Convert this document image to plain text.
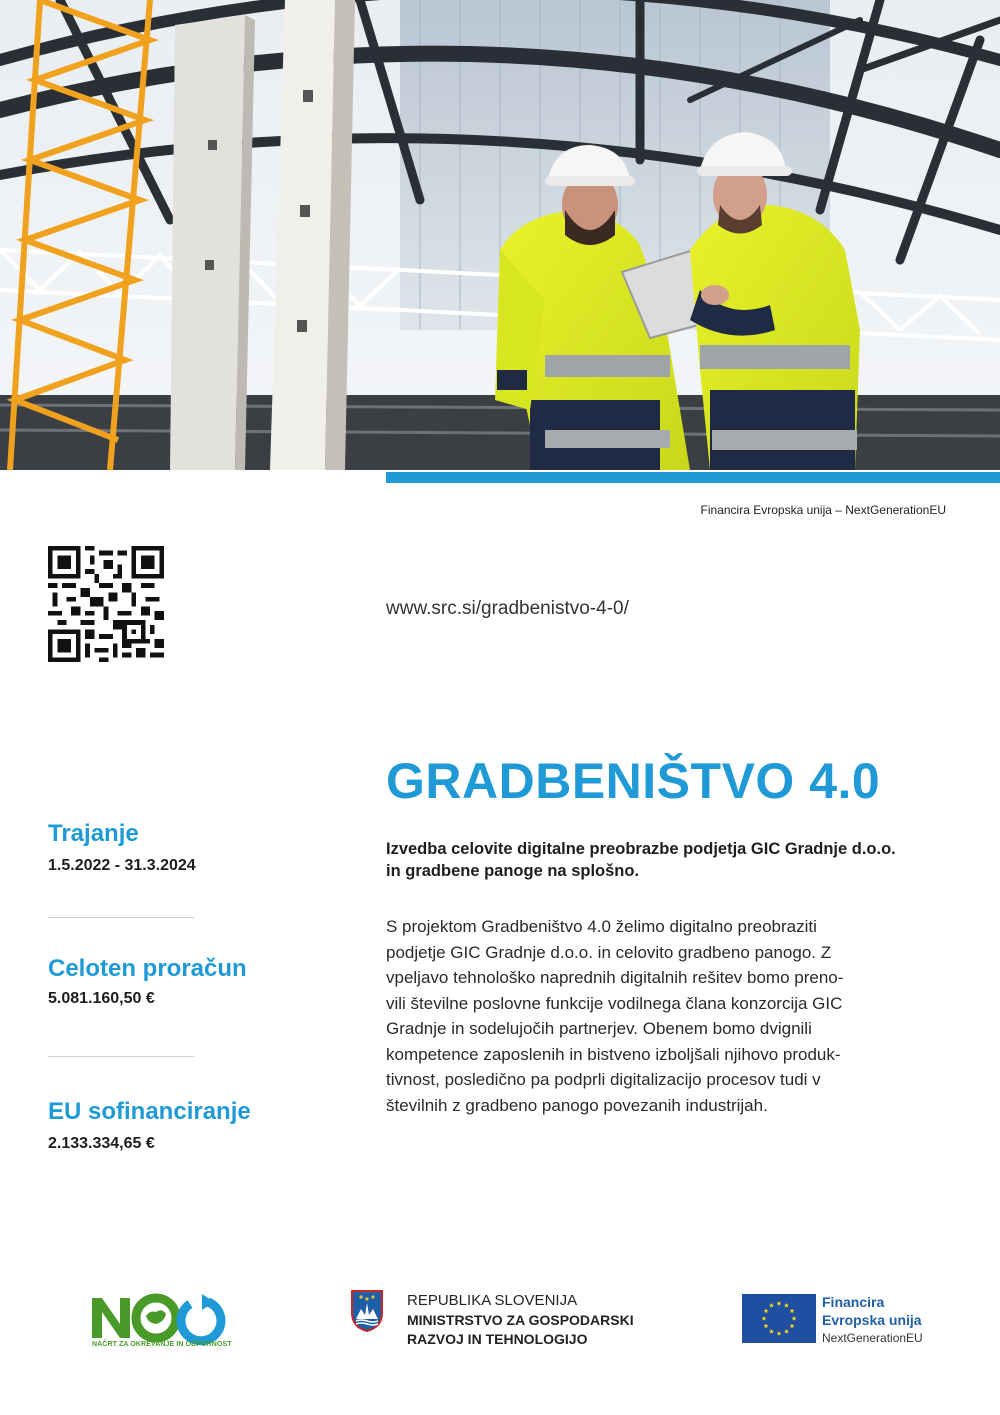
Financira Evropska unija – NextGenerationEU
www.src.si/gradbenistvo-4-0/
GRADBENIŠTVO 4.0
Izvedba celovite digitalne preobrazbe podjetja GIC Gradnje d.o.o. in gradbene panoge na splošno.
S projektom Gradbeništvo 4.0 želimo digitalno preobraziti
podjetje GIC Gradnje d.o.o. in celovito gradbeno panogo. Z
vpeljavo tehnološko naprednih digitalnih rešitev bomo preno-
vili številne poslovne funkcije vodilnega člana konzorcija GIC
Gradnje in sodelujočih partnerjev. Obenem bomo dvignili
kompetence zaposlenih in bistveno izboljšali njihovo produk-
tivnost, posledično pa podprli digitalizacijo procesov tudi v
številnih z gradbeno panogo povezanih industrijah.
Trajanje
1.5.2022 - 31.3.2024
Celoten proračun
5.081.160,50 €
EU sofinanciranje
2.133.334,65 €
NAČRT ZA OKREVANJE IN ODPORNOST
REPUBLIKA SLOVENIJA
MINISTRSTVO ZA GOSPODARSKI
RAZVOJ IN TEHNOLOGIJO
Financira
Evropska unija
NextGenerationEU
